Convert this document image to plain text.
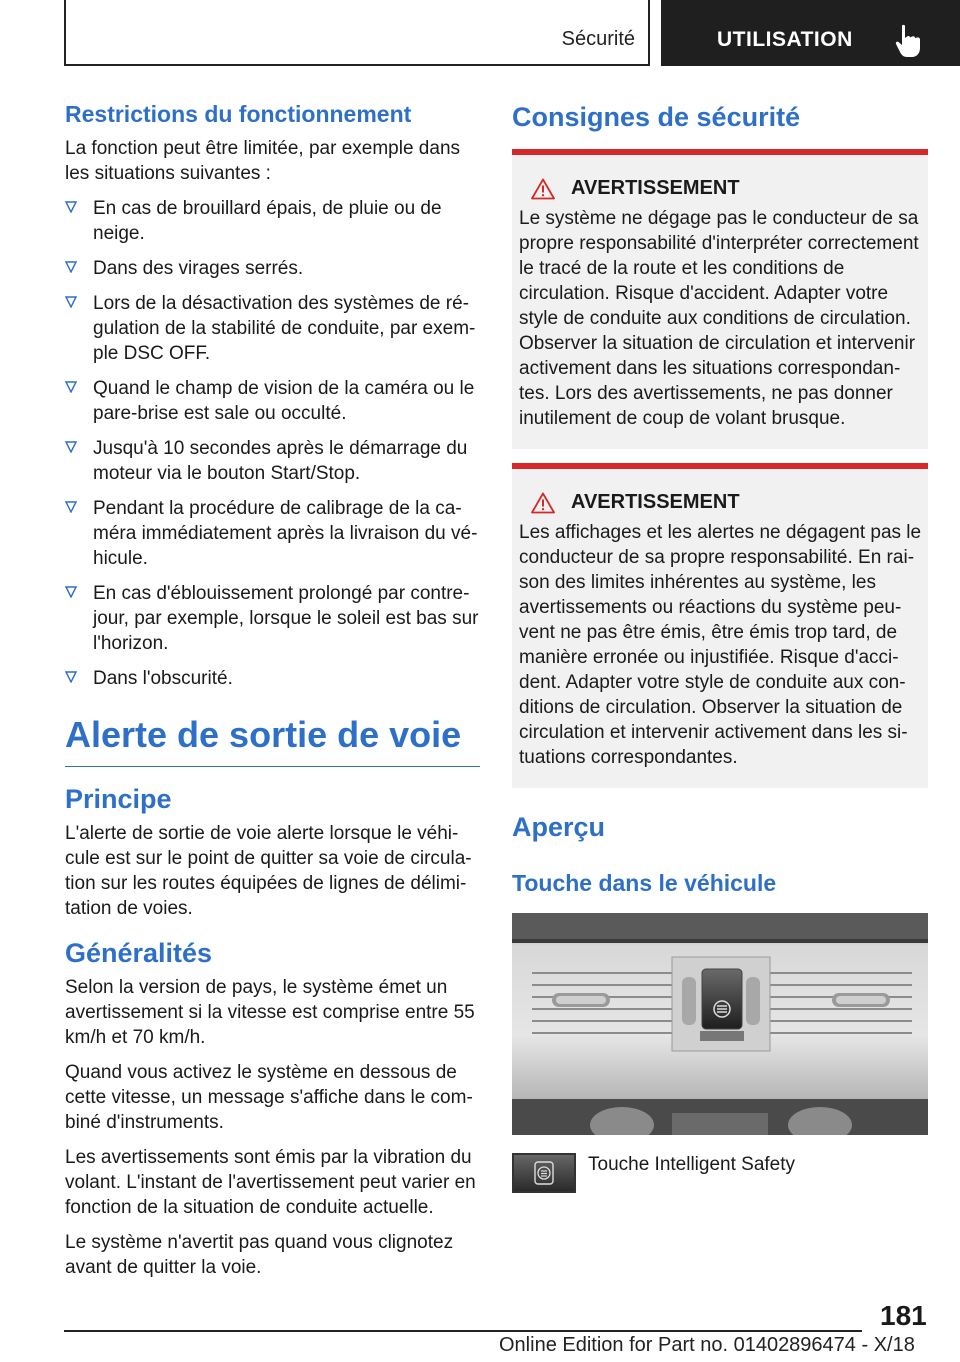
Sécurité	UTILISATION
Restrictions du fonctionnement

La fonction peut être limitée, par exemple dans les situations suivantes :

En cas de brouillard épais, de pluie ou de neige.
Dans des virages serrés.
Lors de la désactivation des systèmes de régulation de la stabilité de conduite, par exemple DSC OFF.
Quand le champ de vision de la caméra ou le pare-brise est sale ou occulté.
Jusqu'à 10 secondes après le démarrage du moteur via le bouton Start/Stop.
Pendant la procédure de calibrage de la caméra immédiatement après la livraison du véhicule.
En cas d'éblouissement prolongé par contrejour, par exemple, lorsque le soleil est bas sur l'horizon.
Dans l'obscurité.
Alerte de sortie de voie
Principe

L'alerte de sortie de voie alerte lorsque le véhicule est sur le point de quitter sa voie de circulation sur les routes équipées de lignes de délimitation de voies.

Généralités

Selon la version de pays, le système émet un avertissement si la vitesse est comprise entre 55 km/h et 70 km/h.

Quand vous activez le système en dessous de cette vitesse, un message s'affiche dans le combiné d'instruments.

Les avertissements sont émis par la vibration du volant. L'instant de l'avertissement peut varier en fonction de la situation de conduite actuelle.

Le système n'avertit pas quand vous clignotez avant de quitter la voie.

Consignes de sécurité
AVERTISSEMENT

Le système ne dégage pas le conducteur de sa propre responsabilité d'interpréter correctement le tracé de la route et les conditions de circulation. Risque d'accident. Adapter votre style de conduite aux conditions de circulation. Observer la situation de circulation et intervenir activement dans les situations correspondantes. Lors des avertissements, ne pas donner inutilement de coup de volant brusque.

AVERTISSEMENT

Les affichages et les alertes ne dégagent pas le conducteur de sa propre responsabilité. En raison des limites inhérentes au système, les avertissements ou réactions du système peuvent ne pas être émis, être émis trop tard, de manière erronée ou injustifiée. Risque d'accident. Adapter votre style de conduite aux conditions de circulation. Observer la situation de circulation et intervenir activement dans les situations correspondantes.

Aperçu
Touche dans le véhicule
Touche Intelligent Safety
181
Online Edition for Part no. 01402896474 - X/18
